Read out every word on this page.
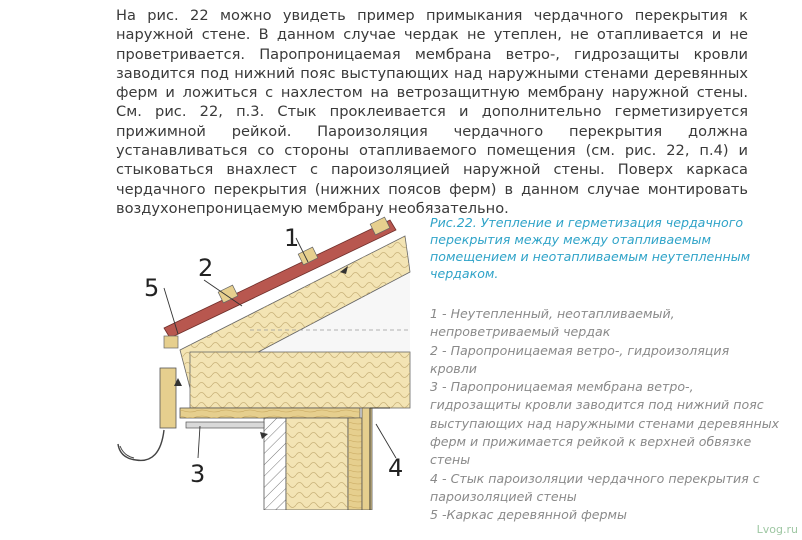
На рис. 22 можно увидеть пример примыкания чердачного перекрытия к наружной стене. В данном случае чердак не утеплен, не отапливается и не проветривается. Паропроницаемая мембрана ветро-, гидрозащиты кровли заводится под нижний пояс выступающих над наружными стенами деревянных ферм и ложиться с нахлестом на ветрозащитную мембрану наружной стены. См. рис. 22, п.3. Стык проклеивается и дополнительно герметизируется прижимной рейкой. Пароизоляция чердачного перекрытия должна устанавливаться со стороны отапливаемого помещения (см. рис. 22, п.4) и стыковаться внахлест с пароизоляцией наружной стены. Поверх каркаса чердачного перекрытия (нижних поясов ферм) в данном случае монтировать воздухонепроницаемую мембрану необязательно.

1
2
5
3	4

Рис.22. Утепление и герметизация чердачного перекрытия между между отапливаемым помещением и неотапливаемым неутепленным чердаком.

1 - Неутепленный, неотапливаемый, непроветриваемый чердак
2 - Паропроницаемая ветро-, гидроизоляция кровли
3 - Паропроницаемая мембрана ветро-, гидрозащиты кровли заводится под нижний пояс выступающих над наружными стенами деревянных ферм и прижимается рейкой к верхней обвязке стены
4 - Стык пароизоляции чердачного перекрытия с пароизоляцией стены
5 -Каркас деревянной фермы
Lvog.ru
